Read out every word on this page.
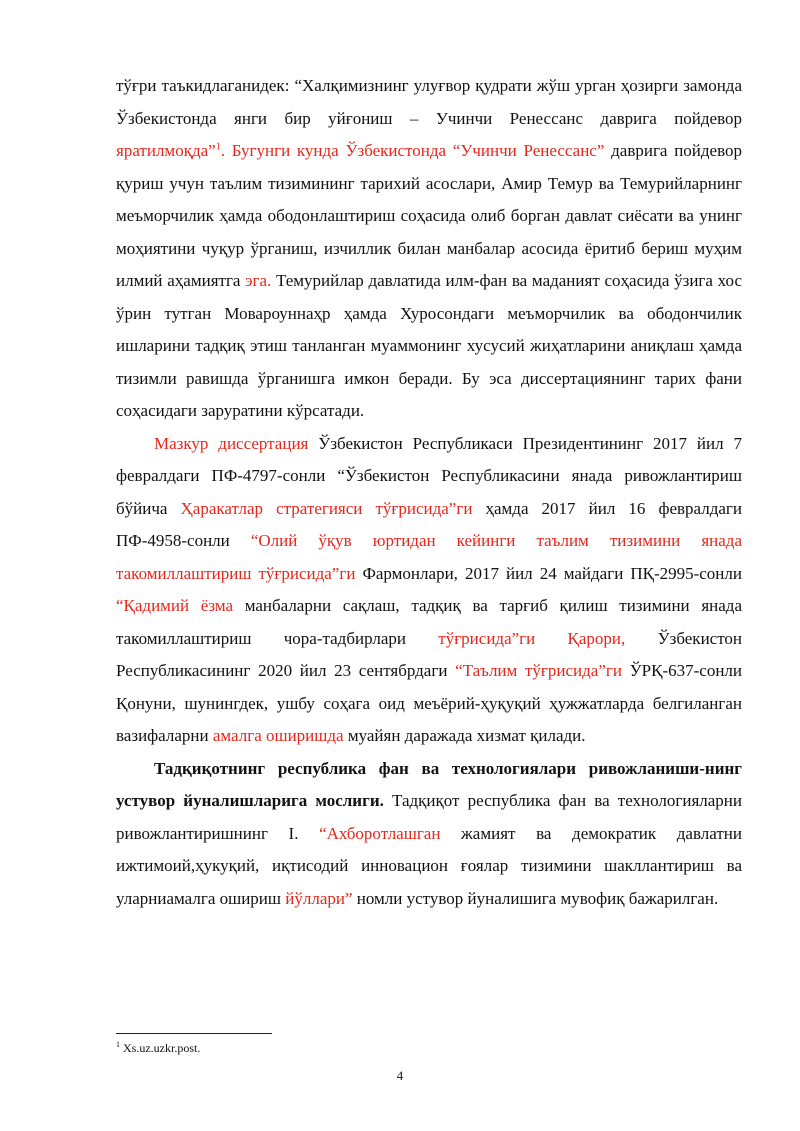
тўғри таъкидлаганидек: “Халқимизнинг улуғвор қудрати жўш урган ҳозирги замонда Ўзбекистонда янги бир уйғониш – Учинчи Ренессанс даврига пойдевор яратилмоқда”$^1$. Бугунги кунда Ўзбекистонда “Учинчи Ренессанс” даврига пойдевор қуриш учун таълим тизимининг тарихий асослари, Амир Темур ва Темурийларнинг меъморчилик ҳамда ободонлаштириш соҳасида олиб борган давлат сиёсати ва унинг моҳиятини чуқур ўрганиш, изчиллик билан манбалар асосида ёритиб бериш муҳим илмий аҳамиятга эга. Темурийлар давлатида илм-фан ва маданият соҳасида ўзига хос ўрин тутган Мовароуннаҳр ҳамда Хуросондаги меъморчилик ва ободончилик ишларини тадқиқ этиш танланган муаммонинг хусусий жиҳатларини аниқлаш ҳамда тизимли равишда ўрганишга имкон беради. Бу эса диссертациянинг тарих фани соҳасидаги заруратини кўрсатади.

Мазкур диссертация Ўзбекистон Республикаси Президентининг 2017 йил 7 февралдаги ПФ-4797-сонли “Ўзбекистон Республикасини янада ривожлантириш бўйича Ҳаракатлар стратегияси тўғрисида”ги ҳамда 2017 йил 16 февралдаги ПФ-4958-сонли “Олий ўқув юртидан кейинги таълим тизимини янада такомиллаштириш тўғрисида”ги Фармонлари, 2017 йил 24 майдаги ПҚ-2995-сонли “Қадимий ёзма манбаларни сақлаш, тадқиқ ва тарғиб қилиш тизимини янада такомиллаштириш чора-тадбирлари тўғрисида”ги Қарори, Ўзбекистон Республикасининг 2020 йил 23 сентябрдаги “Таълим тўғрисида”ги ЎРҚ-637-сонли Қонуни, шунингдек, ушбу соҳага оид меъёрий-ҳуқуқий ҳужжатларда белгиланган вазифаларни амалга оширишда муайян даражада хизмат қилади.

Тадқиқотнинг республика фан ва технологиялари ривожланиши-нинг устувор йуналишларига мослиги. Тадқиқот республика фан ва технологияларни ривожлантиришнинг I. “Ахборотлашган жамият ва демократик давлатни ижтимоий,ҳукуқий, иқтисодий инновацион ғоялар тизимини шакллантириш ва уларниамалга ошириш йўллари” номли устувор йуналишига мувофиқ бажарилган.

$^1$ Xs.uz.uzkr.post.
4
